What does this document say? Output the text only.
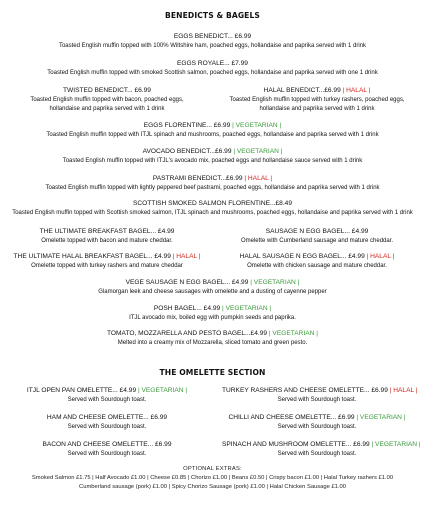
BENEDICTS & BAGELS
EGGS BENEDICT... £6.99
Toasted English muffin topped with 100% Wiltshire ham, poached eggs, hollandaise and paprika served with 1 drink
EGGS ROYALE... £7.99
Toasted English muffin topped with smoked Scottish salmon, poached eggs, hollandaise and paprika served with one 1 drink
TWISTED BENEDICT... £6.99
Toasted English muffin topped with bacon, poached eggs,
hollandaise and paprika served with 1 drink
HALAL BENEDICT...£6.99 | HALAL |
Toasted English muffin topped with turkey rashers, poached eggs,
hollandaise and paprika served with 1 drink
EGGS FLORENTINE... £6.99 | VEGETARIAN |
Toasted English muffin topped with ITJL spinach and mushrooms, poached eggs, hollandaise and paprika served with 1 drink
AVOCADO BENEDICT...£6.99 | VEGETARIAN |
Toasted English muffin topped with ITJL's avocado mix, poached eggs and hollandaise sauce served with 1 drink
PASTRAMI BENEDICT...£6.99 | HALAL |
Toasted English muffin topped with lightly peppered beef pastrami, poached eggs, hollandaise and paprika served with 1 drink
SCOTTISH SMOKED SALMON FLORENTINE...£8.49
Toasted English muffin topped with Scottish smoked salmon, ITJL spinach and mushrooms, poached eggs, hollandaise and paprika served with 1 drink
THE ULTIMATE BREAKFAST BAGEL... £4.99
Omelette topped with bacon and mature cheddar.
SAUSAGE N EGG BAGEL... £4.99
Omelette with Cumberland sausage and mature cheddar.
THE ULTIMATE HALAL BREAKFAST BAGEL... £4.99 | HALAL |
Omelette topped with turkey rashers and mature cheddar
HALAL SAUSAGE N EGG BAGEL... £4.99 | HALAL |
Omelette with chicken sausage and mature cheddar.
VEGE SAUSAGE N EGG BAGEL... £4.99 | VEGETARIAN |
Glamorgan leek and cheese sausages with omelette and a dusting of cayenne pepper
POSH BAGEL... £4.99 | VEGETARIAN |
ITJL avocado mix, boiled egg with pumpkin seeds and paprika.
TOMATO, MOZZARELLA AND PESTO BAGEL...£4.99 | VEGETARIAN |
Melted into a creamy mix of Mozzarella, sliced tomato and green pesto.
THE OMELETTE SECTION
ITJL OPEN PAN OMELETTE... £4.99 | VEGETARIAN |
Served with Sourdough toast.
TURKEY RASHERS AND CHEESE OMELETTE... £6.99 | HALAL |
Served with Sourdough toast.
HAM AND CHEESE OMELETTE... £6.99
Served with Sourdough toast.
CHILLI AND CHEESE OMELETTE... £6.99 | VEGETARIAN |
Served with Sourdough toast.
BACON AND CHEESE OMELETTE... £6.99
Served with Sourdough toast.
SPINACH AND MUSHROOM OMELETTE... £6.99 | VEGETARIAN |
Served with Sourdough toast.
OPTIONAL EXTRAS:
Smoked Salmon £1.75 | Half Avocado £1.00 | Cheese £0.85 | Chorizo £1.00 | Beans £0.50 | Crispy bacon £1.00 | Halal Turkey rashers £1.00
Cumberland sausage (pork) £1.00 | Spicy Chorizo Sausage (pork) £1.00 | Halal Chicken Sausage £1.00
